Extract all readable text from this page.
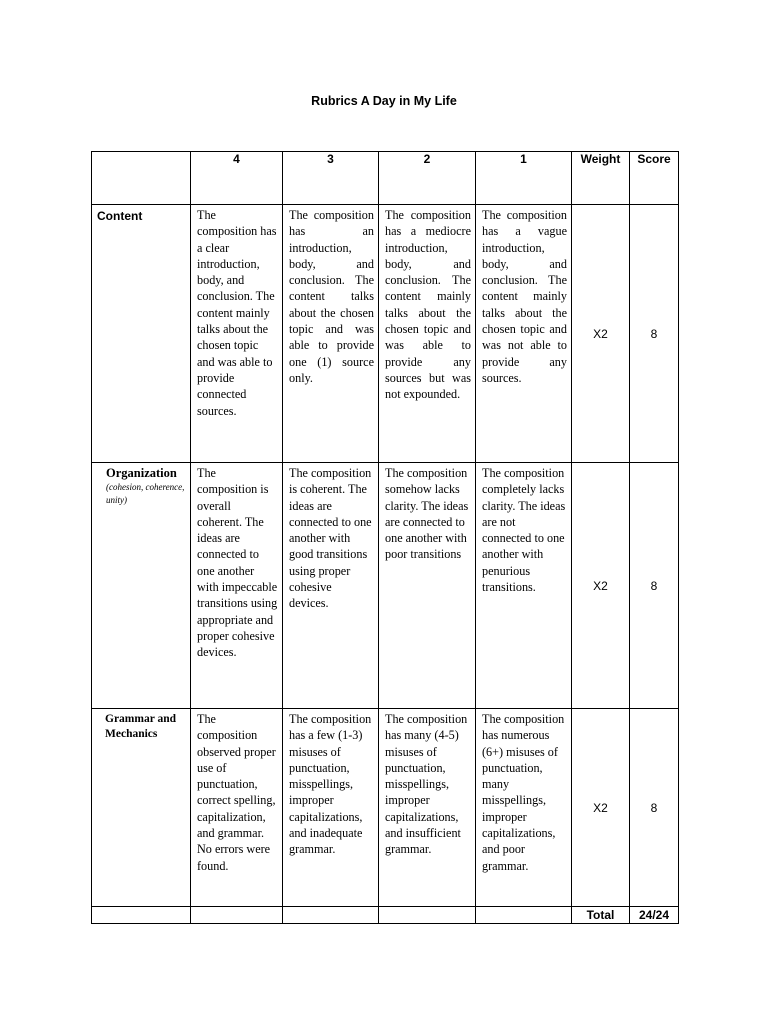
Rubrics A Day in My Life
	4	3	2	1	Weight	Score
Content	The composition has a clear introduction, body, and conclusion. The content mainly talks about the chosen topic and was able to provide connected sources.	The composition has an introduction, body, and conclusion. The content talks about the chosen topic and was able to provide one (1) source only.	The composition has a mediocre introduction, body, and conclusion. The content mainly talks about the chosen topic and was able to provide any sources but was not expounded.	The composition has a vague introduction, body, and conclusion. The content mainly talks about the chosen topic and was not able to provide any sources.	X2	8
Organization
(cohesion, coherence, unity)	The composition is overall coherent. The ideas are connected to one another with impeccable transitions using appropriate and proper cohesive devices.	The composition is coherent. The ideas are connected to one another with good transitions using proper cohesive devices.	The composition somehow lacks clarity. The ideas are connected to one another with poor transitions	The composition completely lacks clarity. The ideas are not connected to one another with penurious transitions.	X2	8
Grammar and Mechanics	The composition observed proper use of punctuation, correct spelling, capitalization, and grammar. No errors were found.	The composition has a few (1-3) misuses of punctuation, misspellings, improper capitalizations, and inadequate grammar.	The composition has many (4-5) misuses of punctuation, misspellings, improper capitalizations, and insufficient grammar.	The composition has numerous (6+) misuses of punctuation, many misspellings, improper capitalizations, and poor grammar.	X2	8
					Total	24/24
